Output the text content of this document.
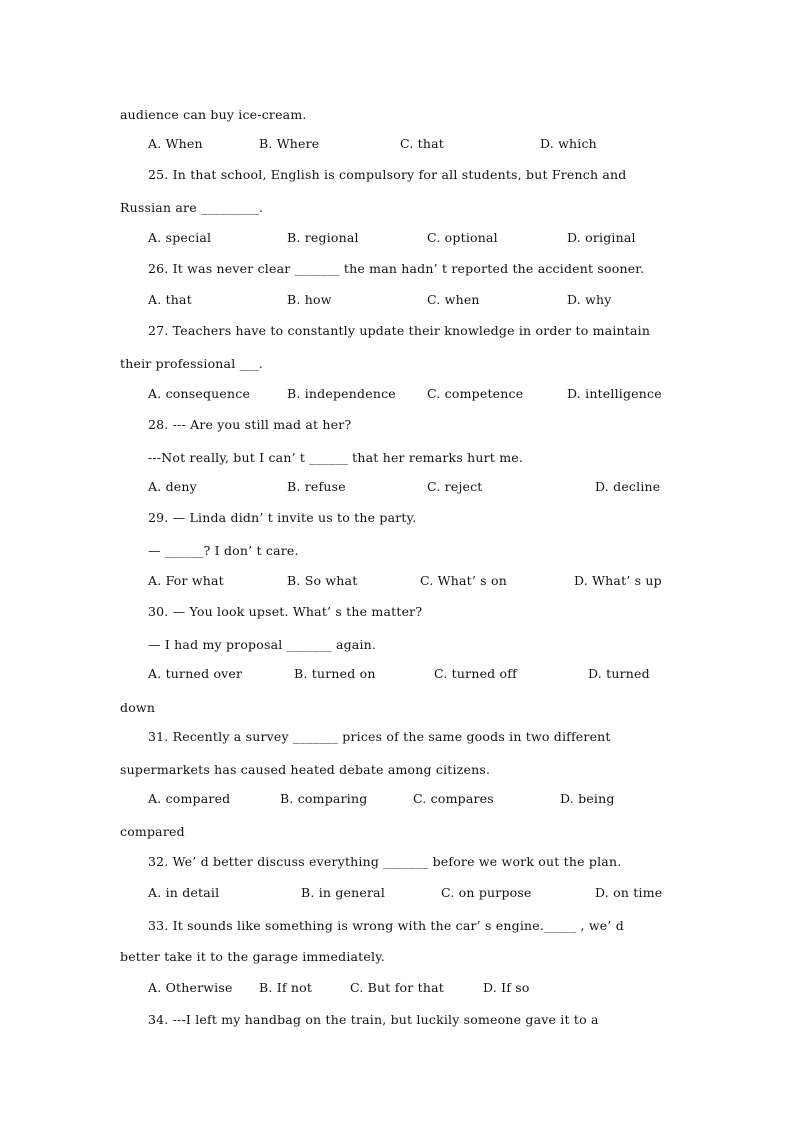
audience can buy ice-cream.
A. When	B. Where	C. that	D. which
25. In that school, English is compulsory for all students, but French and
Russian are _________.
A. special	B. regional	C. optional	D. original
26. It was never clear _______ the man hadn’ t reported the accident sooner.
A. that	B. how	C. when	D. why
27. Teachers have to constantly update their knowledge in order to maintain
their professional ___.
A. consequence	B. independence C. competence	D. intelligence
28. --- Are you still mad at her?
---Not really, but I can’ t ______ that her remarks hurt me.
A. deny	B. refuse	C. reject	D. decline
29. — Linda didn’ t invite us to the party.
— ______? I don’ t care.
A. For what	B. So what	C. What’ s on	D. What’ s up
30. — You look upset. What’ s the matter?
— I had my proposal _______ again.
A. turned over	B. turned on	C. turned off	D. turned
down
31. Recently a survey _______ prices of the same goods in two different
supermarkets has caused heated debate among citizens.
A. compared	B. comparing	C. compares	D. being
compared
32. We’ d better discuss everything _______ before we work out the plan.
A. in detail	B. in general	C. on purpose	D. on time
33. It sounds like something is wrong with the car’ s engine._____ , we’ d
better take it to the garage immediately.
A. Otherwise B. If not	C. But for that	D. If so
34. ---I left my handbag on the train, but luckily someone gave it to a
